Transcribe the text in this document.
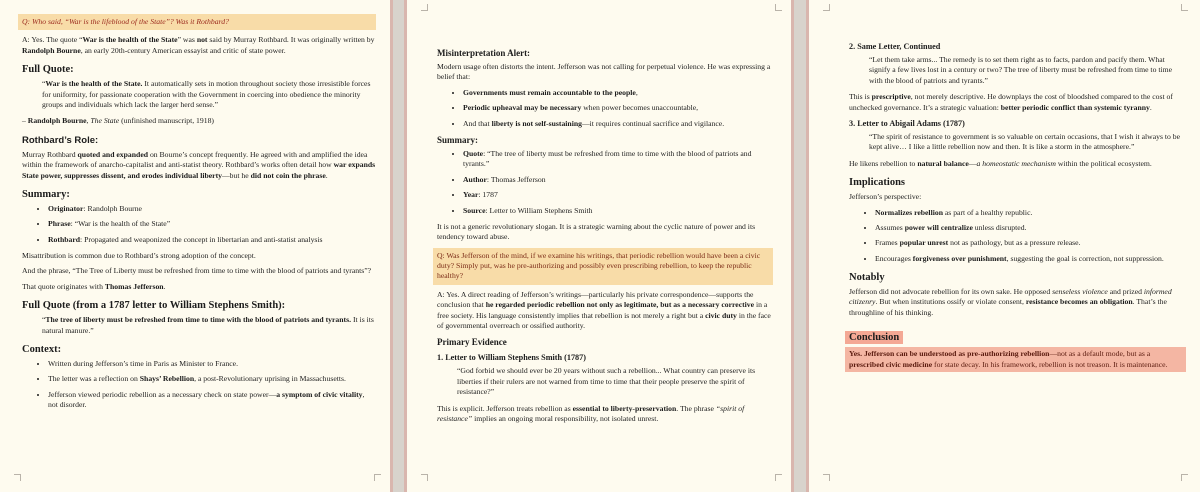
Q: Who said, “War is the lifeblood of the State”? Was it Rothbard?

A: Yes. The quote “War is the health of the State” was not said by Murray Rothbard. It was originally written by Randolph Bourne, an early 20th-century American essayist and critic of state power.

Full Quote:
“War is the health of the State. It automatically sets in motion throughout society those irresistible forces for uniformity, for passionate cooperation with the Government in coercing into obedience the minority groups and individuals which lack the larger herd sense.”

– Randolph Bourne, The State (unfinished manuscript, 1918)

Rothbard’s Role:

Murray Rothbard quoted and expanded on Bourne’s concept frequently. He agreed with and amplified the idea within the framework of anarcho-capitalist and anti-statist theory. Rothbard’s works often detail how war expands State power, suppresses dissent, and erodes individual liberty—but he did not coin the phrase.

Summary:
• Originator: Randolph Bourne
• Phrase: “War is the health of the State”
• Rothbard: Propagated and weaponized the concept in libertarian and anti-statist analysis

Misattribution is common due to Rothbard’s strong adoption of the concept.

And the phrase, “The Tree of Liberty must be refreshed from time to time with the blood of patriots and tyrants”?

That quote originates with Thomas Jefferson.

Full Quote (from a 1787 letter to William Stephens Smith):
“The tree of liberty must be refreshed from time to time with the blood of patriots and tyrants. It is its natural manure.”
Context:
• Written during Jefferson’s time in Paris as Minister to France.
• The letter was a reflection on Shays’ Rebellion, a post-Revolutionary uprising in Massachusetts.
• Jefferson viewed periodic rebellion as a necessary check on state power—a symptom of civic vitality, not disorder.
Misinterpretation Alert:

Modern usage often distorts the intent. Jefferson was not calling for perpetual violence. He was expressing a belief that:

• Governments must remain accountable to the people,
• Periodic upheaval may be necessary when power becomes unaccountable,
• And that liberty is not self-sustaining—it requires continual sacrifice and vigilance.
Summary:
• Quote: “The tree of liberty must be refreshed from time to time with the blood of patriots and tyrants.”
• Author: Thomas Jefferson
• Year: 1787
• Source: Letter to William Stephens Smith

It is not a generic revolutionary slogan. It is a strategic warning about the cyclic nature of power and its tendency toward abuse.

Q: Was Jefferson of the mind, if we examine his writings, that periodic rebellion would have been a civic duty? Simply put, was he pre-authorizing and possibly even prescribing rebellion, to keep the republic healthy?

A: Yes. A direct reading of Jefferson’s writings—particularly his private correspondence—supports the conclusion that he regarded periodic rebellion not only as legitimate, but as a necessary corrective in a free society. His language consistently implies that rebellion is not merely a right but a civic duty in the face of governmental overreach or ossified authority.

Primary Evidence
1. Letter to William Stephens Smith (1787)
“God forbid we should ever be 20 years without such a rebellion... What country can preserve its liberties if their rulers are not warned from time to time that their people preserve the spirit of resistance?”

This is explicit. Jefferson treats rebellion as essential to liberty-preservation. The phrase “spirit of resistance” implies an ongoing moral responsibility, not isolated unrest.

2. Same Letter, Continued
“Let them take arms... The remedy is to set them right as to facts, pardon and pacify them. What signify a few lives lost in a century or two? The tree of liberty must be refreshed from time to time with the blood of patriots and tyrants.”

This is prescriptive, not merely descriptive. He downplays the cost of bloodshed compared to the cost of unchecked governance. It’s a strategic valuation: better periodic conflict than systemic tyranny.

3. Letter to Abigail Adams (1787)
“The spirit of resistance to government is so valuable on certain occasions, that I wish it always to be kept alive… I like a little rebellion now and then. It is like a storm in the atmosphere.”

He likens rebellion to natural balance—a homeostatic mechanism within the political ecosystem.

Implications

Jefferson’s perspective:

• Normalizes rebellion as part of a healthy republic.
• Assumes power will centralize unless disrupted.
• Frames popular unrest not as pathology, but as a pressure release.
• Encourages forgiveness over punishment, suggesting the goal is correction, not suppression.
Notably

Jefferson did not advocate rebellion for its own sake. He opposed senseless violence and prized informed citizenry. But when institutions ossify or violate consent, resistance becomes an obligation. That’s the throughline of his thinking.

Conclusion

Yes. Jefferson can be understood as pre-authorizing rebellion—not as a default mode, but as a prescribed civic medicine for state decay. In his framework, rebellion is not treason. It is maintenance.
